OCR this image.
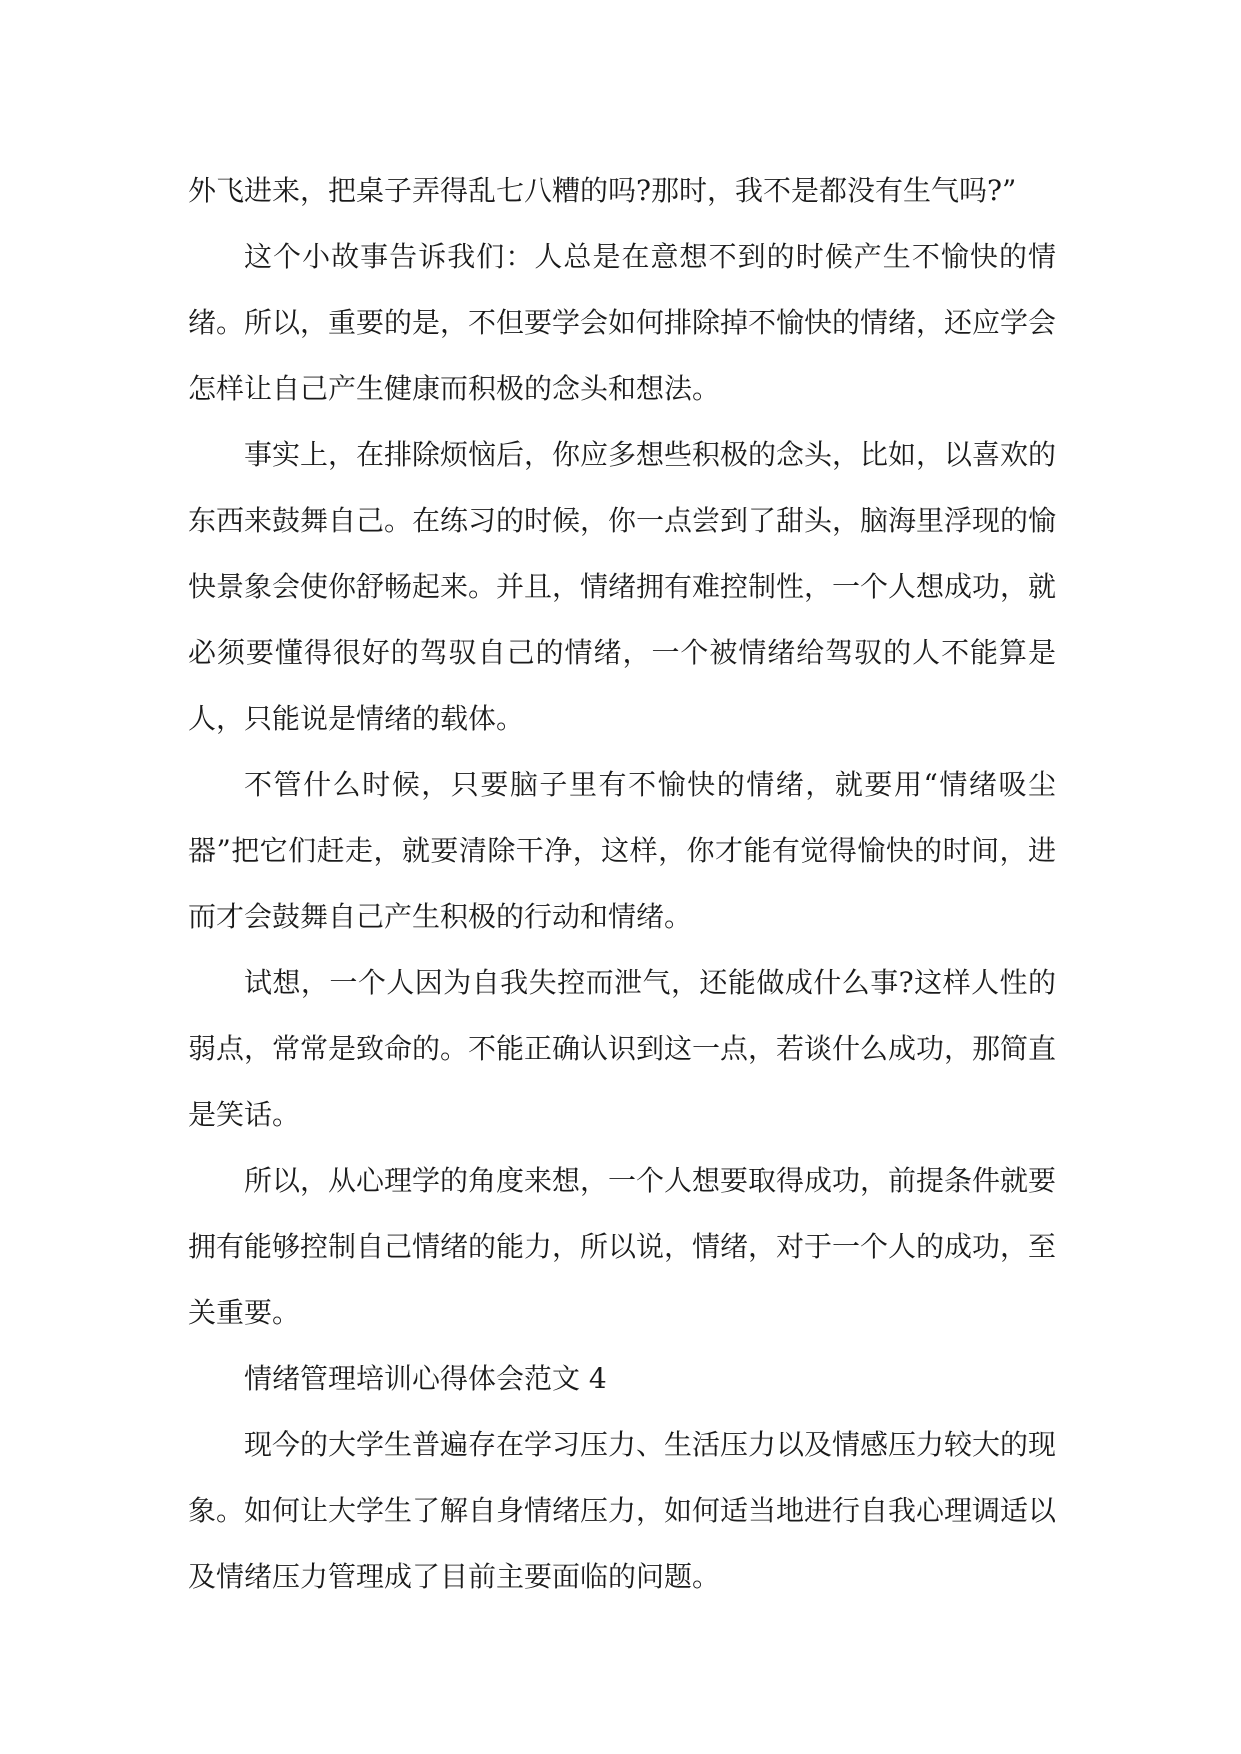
外飞进来，把桌子弄得乱七八糟的吗?那时，我不是都没有生气吗?”

这个小故事告诉我们：人总是在意想不到的时候产生不愉快的情绪。所以，重要的是，不但要学会如何排除掉不愉快的情绪，还应学会怎样让自己产生健康而积极的念头和想法。

事实上，在排除烦恼后，你应多想些积极的念头，比如，以喜欢的东西来鼓舞自己。在练习的时候，你一点尝到了甜头，脑海里浮现的愉快景象会使你舒畅起来。并且，情绪拥有难控制性，一个人想成功，就必须要懂得很好的驾驭自己的情绪，一个被情绪给驾驭的人不能算是人，只能说是情绪的载体。

不管什么时候，只要脑子里有不愉快的情绪，就要用“情绪吸尘器”把它们赶走，就要清除干净，这样，你才能有觉得愉快的时间，进而才会鼓舞自己产生积极的行动和情绪。

试想，一个人因为自我失控而泄气，还能做成什么事?这样人性的弱点，常常是致命的。不能正确认识到这一点，若谈什么成功，那简直是笑话。

所以，从心理学的角度来想，一个人想要取得成功，前提条件就要拥有能够控制自己情绪的能力，所以说，情绪，对于一个人的成功，至关重要。

情绪管理培训心得体会范文 4

现今的大学生普遍存在学习压力、生活压力以及情感压力较大的现象。如何让大学生了解自身情绪压力，如何适当地进行自我心理调适以及情绪压力管理成了目前主要面临的问题。
